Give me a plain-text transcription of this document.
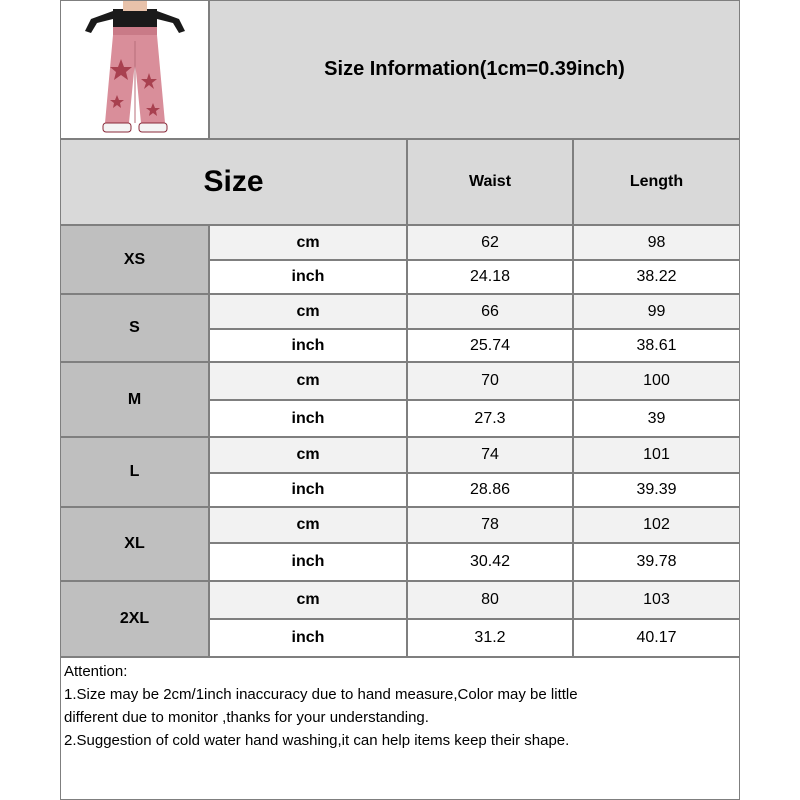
Size Information(1cm=0.39inch)
Size	Waist	Length
XS
cm	62	98
inch	24.18	38.22
S
cm	66	99
inch	25.74	38.61
M
cm	70	100
inch	27.3	39
L
cm	74	101
inch	28.86	39.39
XL
cm	78	102
inch	30.42	39.78
2XL
cm	80	103
inch	31.2	40.17
Attention:
1.Size may be 2cm/1inch inaccuracy due to hand measure,Color may be little
different due to monitor ,thanks for your understanding.
2.Suggestion of cold water hand washing,it can help items keep their shape.
